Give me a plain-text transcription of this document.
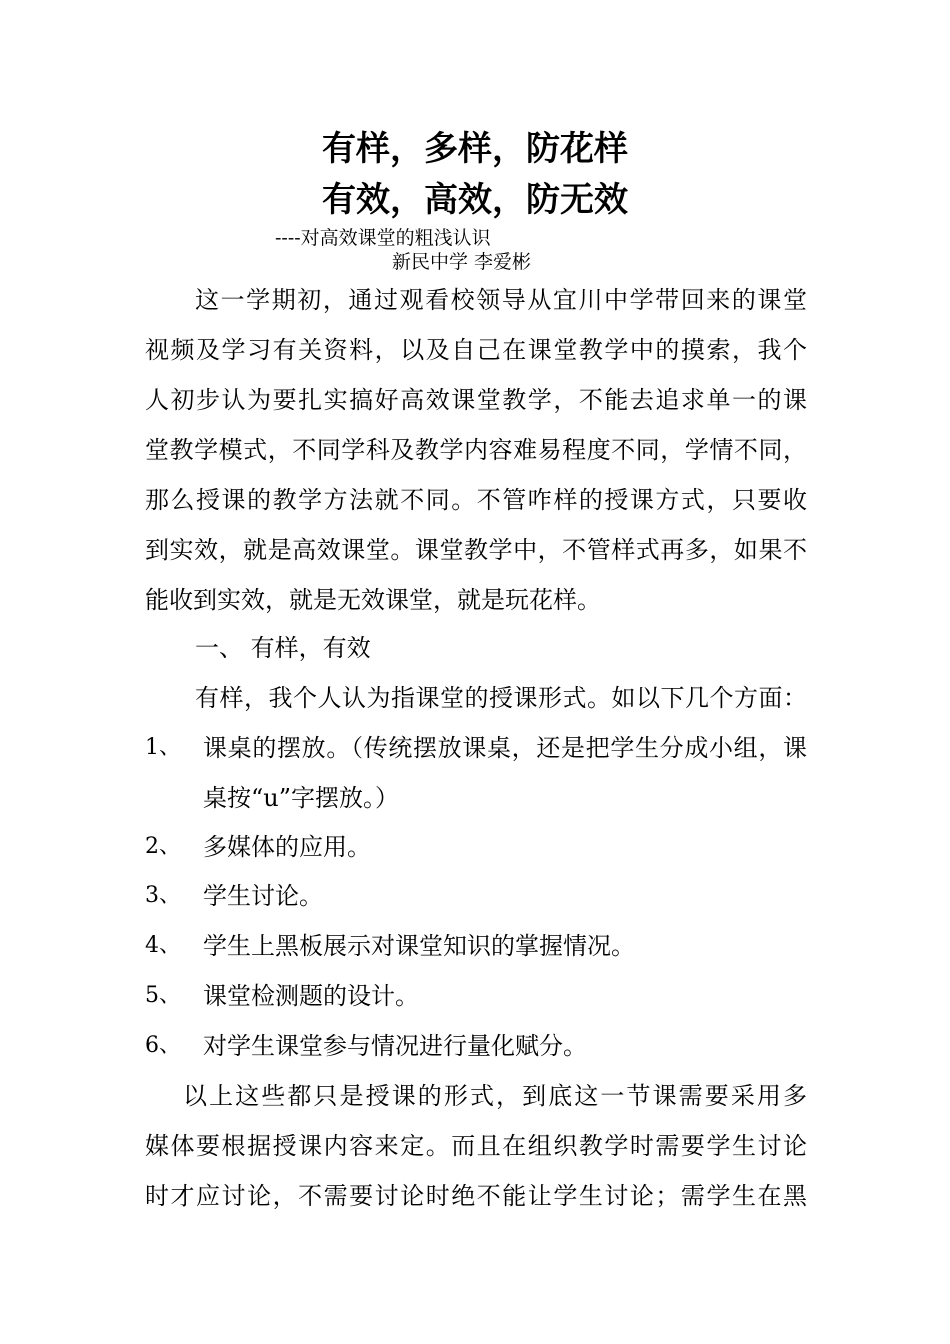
有样，多样，防花样
有效，高效，防无效
----对高效课堂的粗浅认识
新民中学 李爱彬
这一学期初，通过观看校领导从宜川中学带回来的课堂
视频及学习有关资料，以及自己在课堂教学中的摸索，我个
人初步认为要扎实搞好高效课堂教学，不能去追求单一的课
堂教学模式，不同学科及教学内容难易程度不同，学情不同，
那么授课的教学方法就不同。不管咋样的授课方式，只要收
到实效，就是高效课堂。课堂教学中，不管样式再多，如果不
能收到实效，就是无效课堂，就是玩花样。
一、 有样，有效
有样，我个人认为指课堂的授课形式。如以下几个方面：
1、 课桌的摆放。（传统摆放课桌，还是把学生分成小组，课
桌按“u”字摆放。）
2、 多媒体的应用。
3、 学生讨论。
4、 学生上黑板展示对课堂知识的掌握情况。
5、 课堂检测题的设计。
6、 对学生课堂参与情况进行量化赋分。
以上这些都只是授课的形式，到底这一节课需要采用多
媒体要根据授课内容来定。而且在组织教学时需要学生讨论
时才应讨论，不需要讨论时绝不能让学生讨论；需学生在黑
